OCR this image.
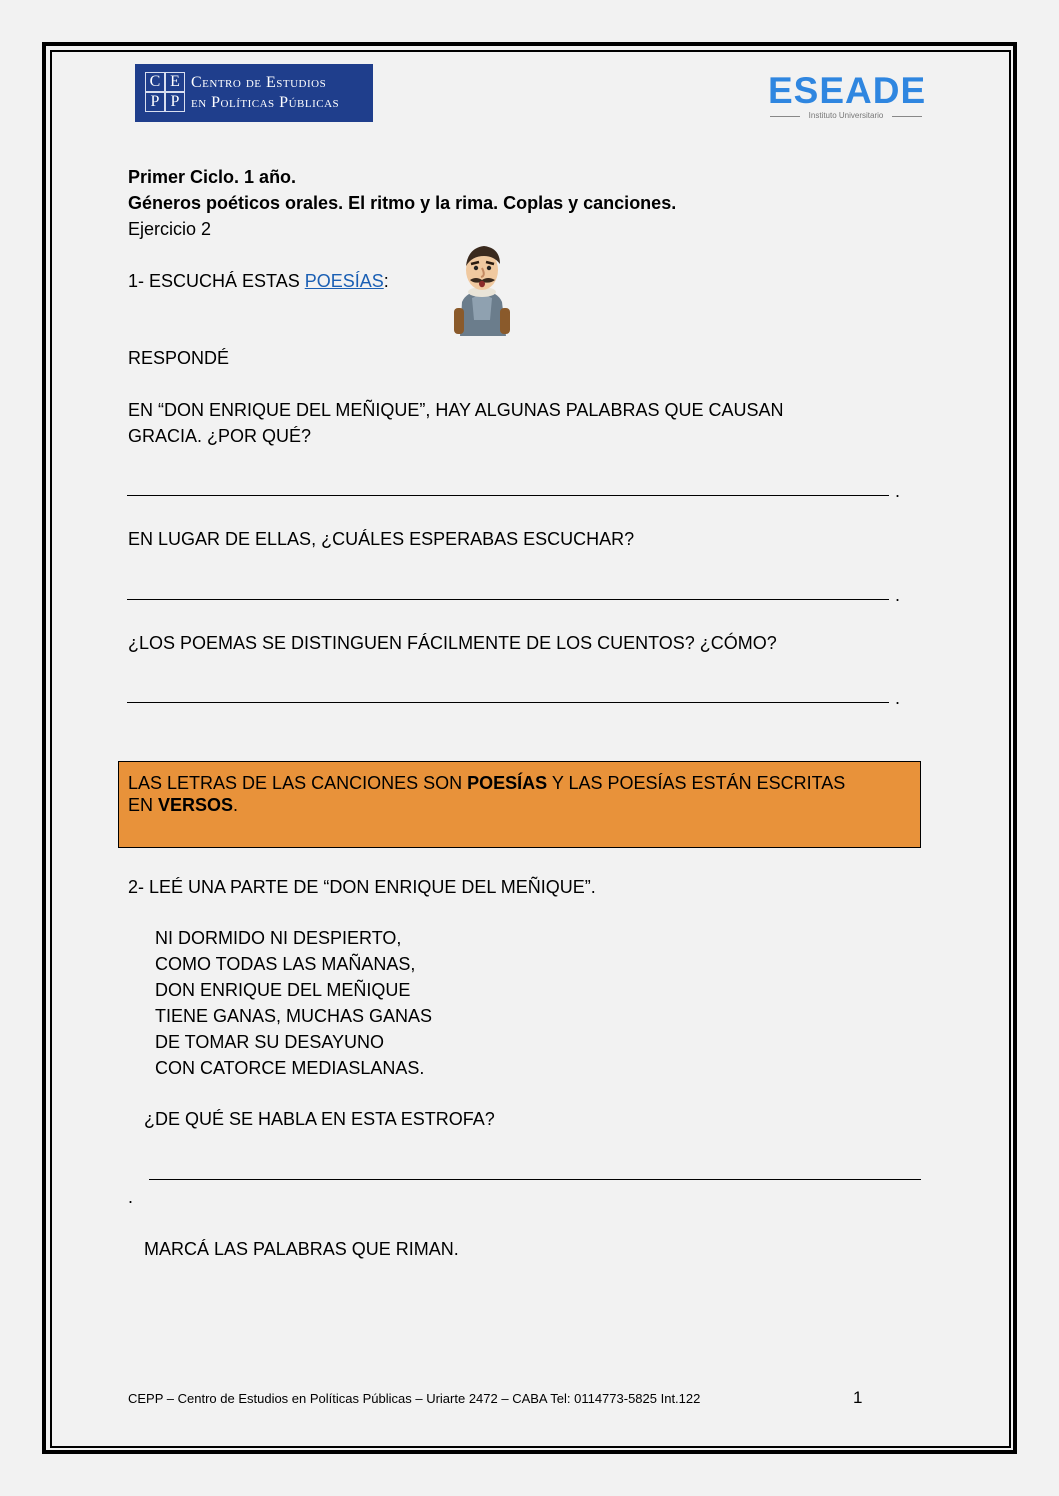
C E
P P
Centro de Estudios
en Políticas Públicas	ESEADE
Instituto Universitario
Primer Ciclo. 1 año.
Géneros poéticos orales. El ritmo y la rima. Coplas y canciones.
Ejercicio 2
1- ESCUCHÁ ESTAS POESÍAS:
RESPONDÉ
EN “DON ENRIQUE DEL MEÑIQUE”, HAY ALGUNAS PALABRAS QUE CAUSAN
GRACIA. ¿POR QUÉ?
.
EN LUGAR DE ELLAS, ¿CUÁLES ESPERABAS ESCUCHAR?
.
¿LOS POEMAS SE DISTINGUEN FÁCILMENTE DE LOS CUENTOS? ¿CÓMO?
.
LAS LETRAS DE LAS CANCIONES SON POESÍAS Y LAS POESÍAS ESTÁN ESCRITAS
EN VERSOS.
2- LEÉ UNA PARTE DE “DON ENRIQUE DEL MEÑIQUE”.
NI DORMIDO NI DESPIERTO,
COMO TODAS LAS MAÑANAS,
DON ENRIQUE DEL MEÑIQUE
TIENE GANAS, MUCHAS GANAS
DE TOMAR SU DESAYUNO
CON CATORCE MEDIASLANAS.
¿DE QUÉ SE HABLA EN ESTA ESTROFA?
.
MARCÁ LAS PALABRAS QUE RIMAN.
CEPP – Centro de Estudios en Políticas Públicas – Uriarte 2472 – CABA Tel: 0114773-5825 Int.122	1
